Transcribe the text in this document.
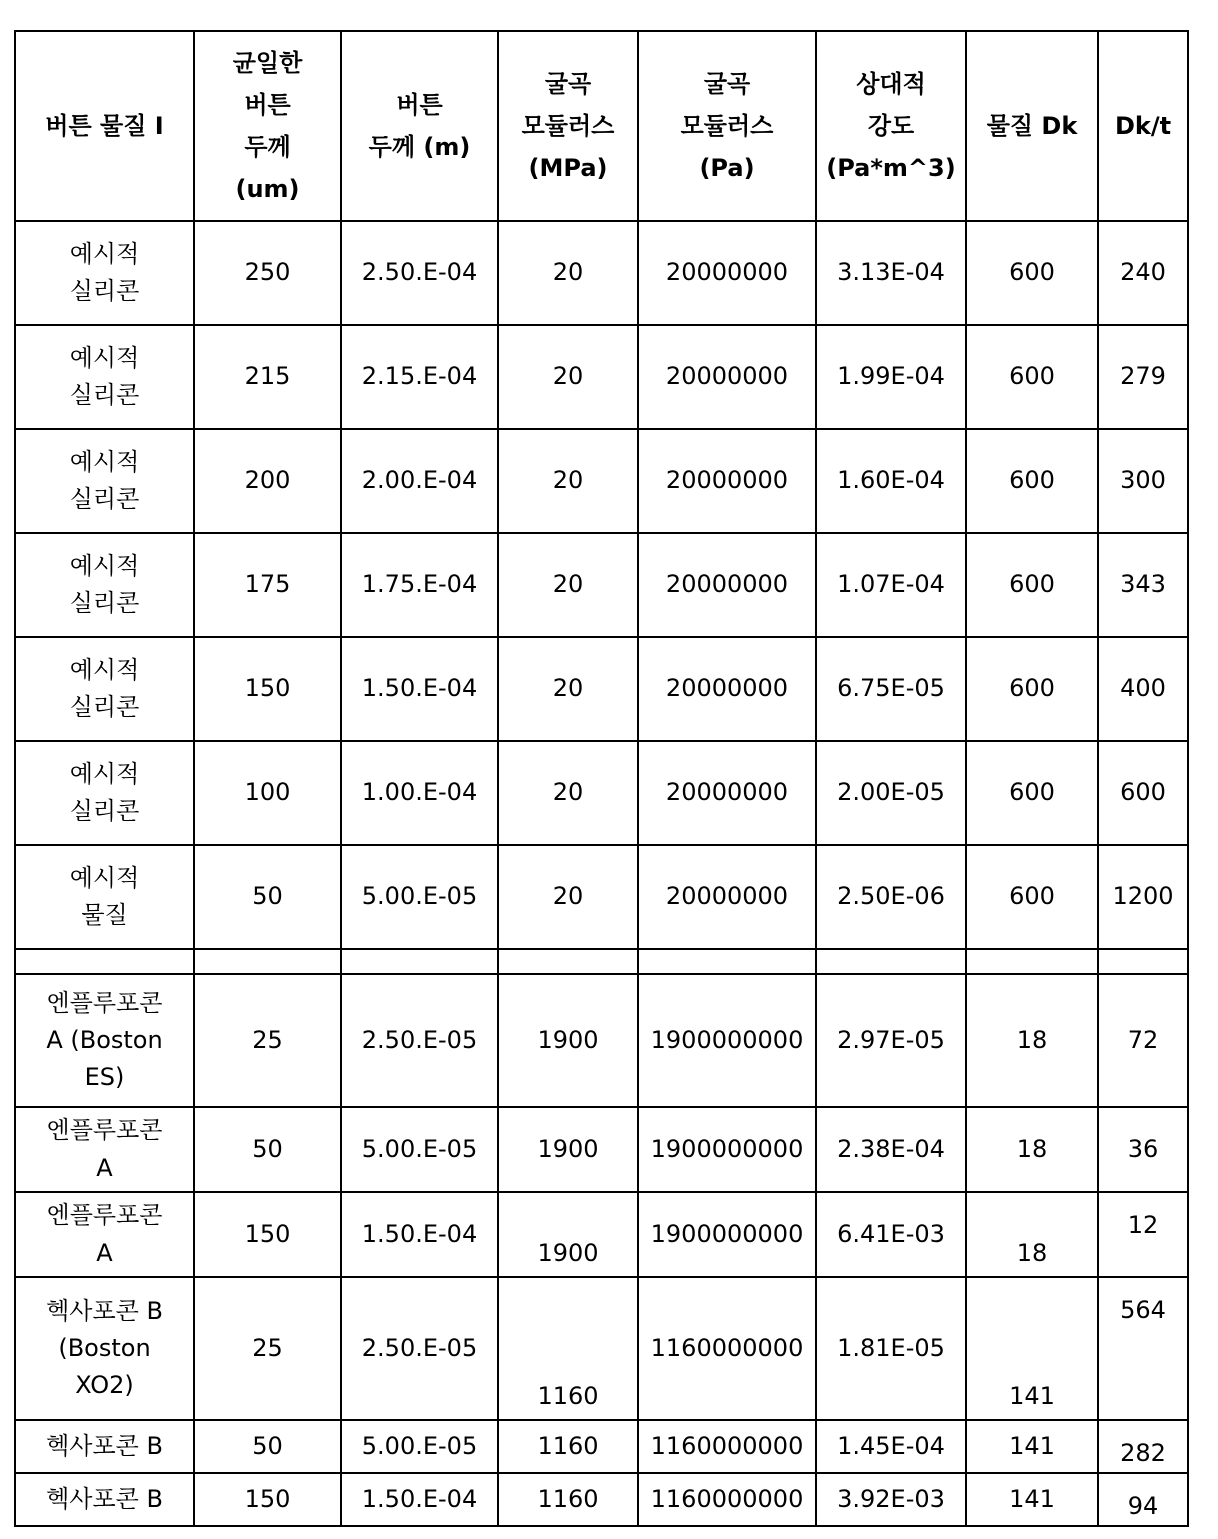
버튼 물질 I	균일한
버튼
두께
(um)	버튼
두께 (m)	굴곡
모듈러스
(MPa)	굴곡
모듈러스
(Pa)	상대적
강도
(Pa*m^3)	물질 Dk	Dk/t
예시적
실리콘	250	2.50.E-04	20	20000000	3.13E-04	600	240
예시적
실리콘	215	2.15.E-04	20	20000000	1.99E-04	600	279
예시적
실리콘	200	2.00.E-04	20	20000000	1.60E-04	600	300
예시적
실리콘	175	1.75.E-04	20	20000000	1.07E-04	600	343
예시적
실리콘	150	1.50.E-04	20	20000000	6.75E-05	600	400
예시적
실리콘	100	1.00.E-04	20	20000000	2.00E-05	600	600
예시적
물질	50	5.00.E-05	20	20000000	2.50E-06	600	1200

엔플루포콘
A (Boston
ES)	25	2.50.E-05	1900	1900000000	2.97E-05	18	72
엔플루포콘
A	50	5.00.E-05	1900	1900000000	2.38E-04	18	36
엔플루포콘
A	150	1.50.E-04	1900	1900000000	6.41E-03	18	12
헥사포콘 B
(Boston
XO2)	25	2.50.E-05	1160	1160000000	1.81E-05	141	564
헥사포콘 B	50	5.00.E-05	1160	1160000000	1.45E-04	141	282
헥사포콘 B	150	1.50.E-04	1160	1160000000	3.92E-03	141	94
